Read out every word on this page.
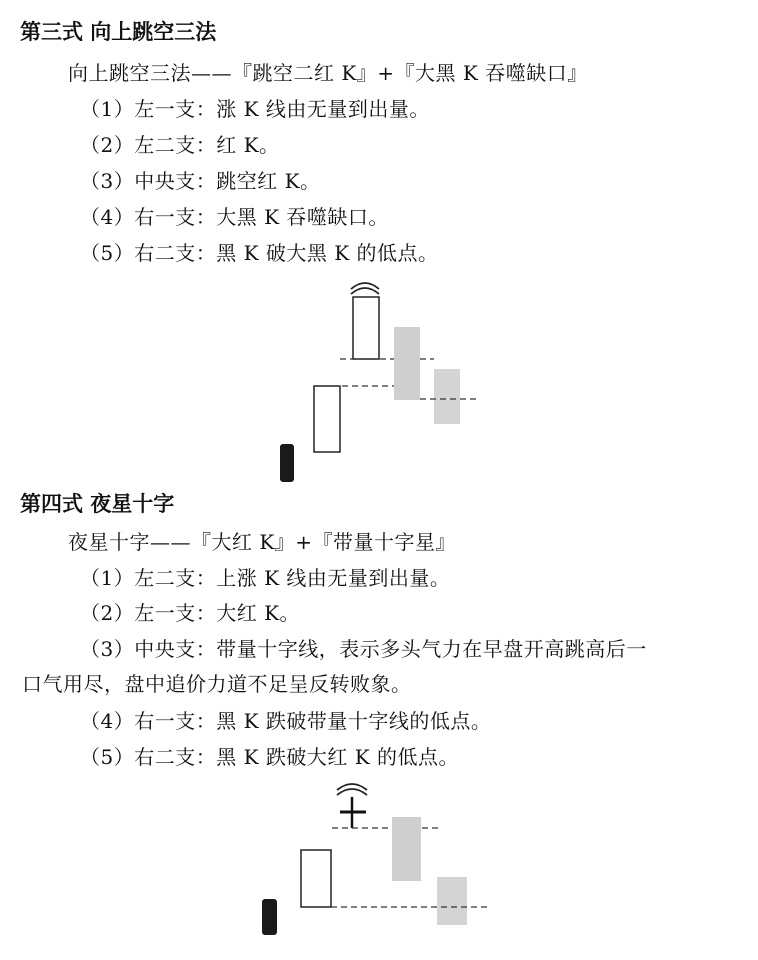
第三式 向上跳空三法
向上跳空三法——『跳空二红 K』+『大黑 K 吞噬缺口』
（1）左一支：涨 K 线由无量到出量。
（2）左二支：红 K。
（3）中央支：跳空红 K。
（4）右一支：大黑 K 吞噬缺口。
（5）右二支：黑 K 破大黑 K 的低点。
第四式 夜星十字
夜星十字——『大红 K』+『带量十字星』
（1）左二支：上涨 K 线由无量到出量。
（2）左一支：大红 K。
（3）中央支：带量十字线，表示多头气力在早盘开高跳高后一
口气用尽，盘中追价力道不足呈反转败象。
（4）右一支：黑 K 跌破带量十字线的低点。
（5）右二支：黑 K 跌破大红 K 的低点。
